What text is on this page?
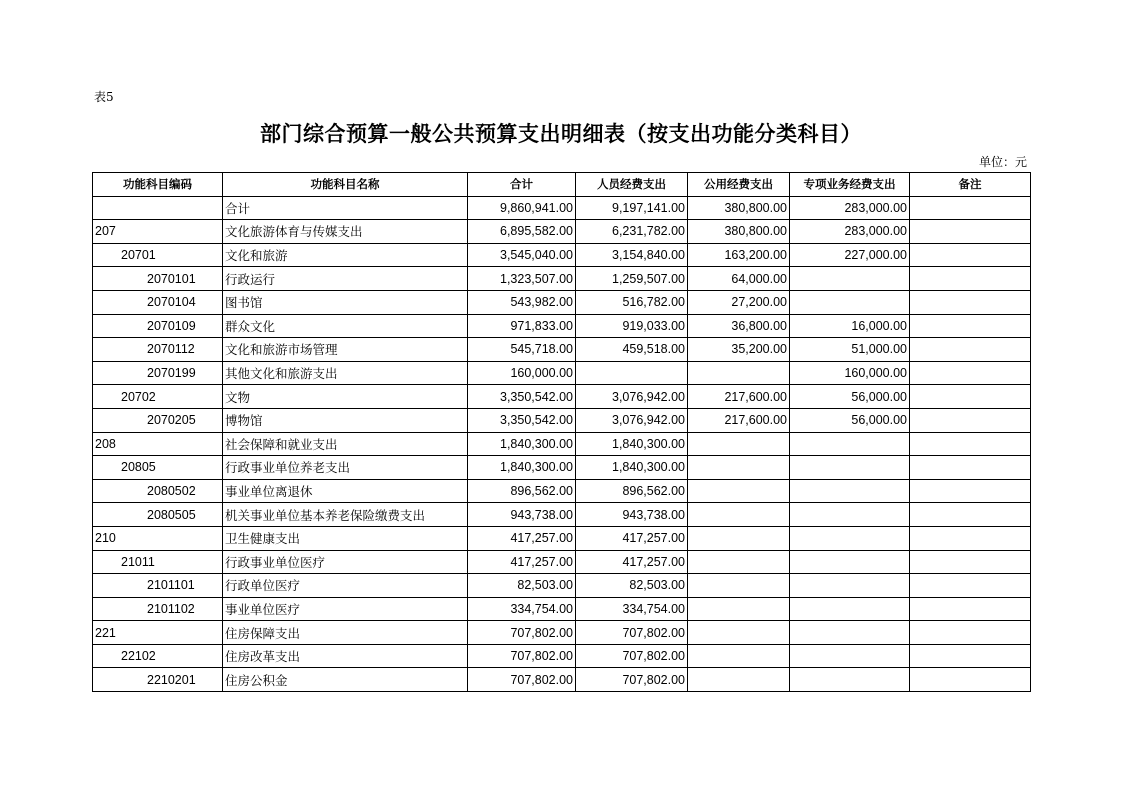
表5
部门综合预算一般公共预算支出明细表（按支出功能分类科目）
单位：元
功能科目编码	功能科目名称	合计	人员经费支出	公用经费支出	专项业务经费支出	备注
	合计	9,860,941.00	9,197,141.00	380,800.00	283,000.00	
207	文化旅游体育与传媒支出	6,895,582.00	6,231,782.00	380,800.00	283,000.00	
20701	文化和旅游	3,545,040.00	3,154,840.00	163,200.00	227,000.00	
2070101	行政运行	1,323,507.00	1,259,507.00	64,000.00		
2070104	图书馆	543,982.00	516,782.00	27,200.00		
2070109	群众文化	971,833.00	919,033.00	36,800.00	16,000.00	
2070112	文化和旅游市场管理	545,718.00	459,518.00	35,200.00	51,000.00	
2070199	其他文化和旅游支出	160,000.00			160,000.00	
20702	文物	3,350,542.00	3,076,942.00	217,600.00	56,000.00	
2070205	博物馆	3,350,542.00	3,076,942.00	217,600.00	56,000.00	
208	社会保障和就业支出	1,840,300.00	1,840,300.00			
20805	行政事业单位养老支出	1,840,300.00	1,840,300.00			
2080502	事业单位离退休	896,562.00	896,562.00			
2080505	机关事业单位基本养老保险缴费支出	943,738.00	943,738.00			
210	卫生健康支出	417,257.00	417,257.00			
21011	行政事业单位医疗	417,257.00	417,257.00			
2101101	行政单位医疗	82,503.00	82,503.00			
2101102	事业单位医疗	334,754.00	334,754.00			
221	住房保障支出	707,802.00	707,802.00			
22102	住房改革支出	707,802.00	707,802.00			
2210201	住房公积金	707,802.00	707,802.00			
